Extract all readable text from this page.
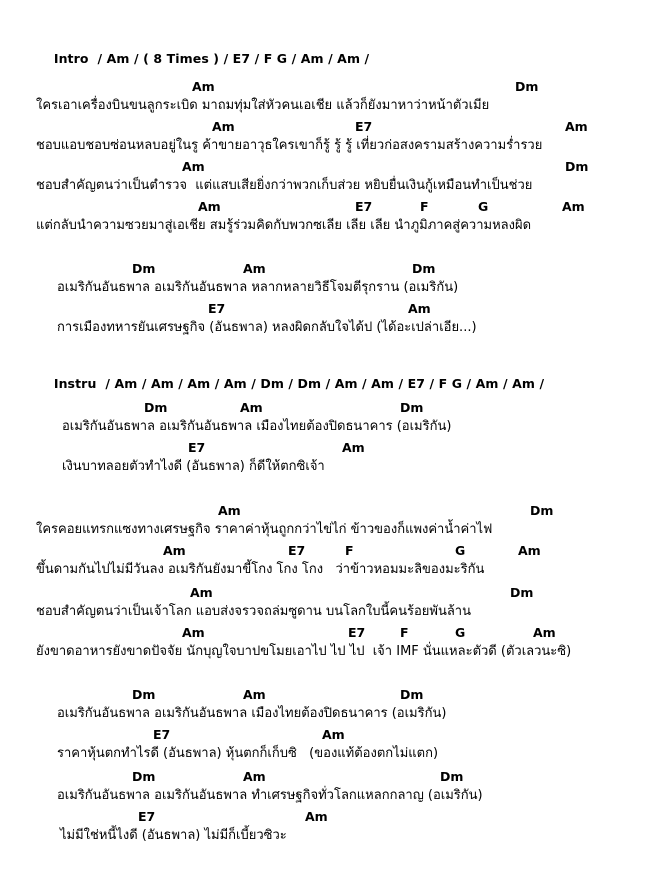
Intro / Am / ( 8 Times ) / E7 / F G / Am / Am /

Instru / Am / Am / Am / Am / Dm / Dm / Am / Am / E7 / F G / Am / Am /

Am	Dm
ใครเอาเครื่องบินขนลูกระเบิด มาถมทุ่มใส่หัวคนเอเชีย แล้วก็ยังมาหาว่าหน้าตัวเมีย
Am	E7	Am
ชอบแอบชอบซ่อนหลบอยู่ในรู ค้าขายอาวุธใครเขาก็รู้ รู้ รู้ เที่ยวก่อสงครามสร้างความร่ำรวย
Am	Dm
ชอบสำคัญตนว่าเป็นตำรวจ  แต่แสบเสียยิ่งกว่าพวกเก็บส่วย หยิบยื่นเงินกู้เหมือนทำเป็นช่วย
Am	E7	F	G	Am
แต่กลับนำความซวยมาสู่เอเชีย สมรู้ร่วมคิดกับพวกซเลีย เลีย เลีย นำภูมิภาคสู่ความหลงผิด
Dm	Am	Dm
อเมริกันอันธพาล อเมริกันอันธพาล หลากหลายวิธีโจมตีรุกราน (อเมริกัน)
E7	Am
การเมืองทหารยันเศรษฐกิจ (อันธพาล) หลงผิดกลับใจได้ป (ได้อะเปล่าเอีย...)
Dm	Am	Dm
อเมริกันอันธพาล อเมริกันอันธพาล เมืองไทยต้องปิดธนาคาร (อเมริกัน)
E7	Am
เงินบาทลอยตัวทำไงดี (อันธพาล) ก็ดีให้ตกซิเจ้า
Am	Dm
ใครคอยแทรกแซงทางเศรษฐกิจ ราคาค่าหุ้นถูกกว่าไข่ไก่ ข้าวของก็แพงค่าน้ำค่าไฟ
Am	E7	F	G	Am
ขึ้นดามกันไปไม่มีวันลง อเมริกันยังมาขี้โกง โกง โกง   ว่าข้าวหอมมะลิของมะริกัน
Am	Dm
ชอบสำคัญตนว่าเป็นเจ้าโลก แอบส่งจรวจถล่มซูดาน บนโลกใบนี้คนร้อยพันล้าน
Am	E7	F	G	Am
ยังขาดอาหารยังขาดปัจจัย นักบุญใจบาปขโมยเอาไป ไป ไป  เจ้า IMF นั่นแหละตัวดี (ตัวเลวนะซิ)
Dm	Am	Dm
อเมริกันอันธพาล อเมริกันอันธพาล เมืองไทยต้องปิดธนาคาร (อเมริกัน)
E7	Am
ราคาหุ้นตกทำไรดี (อันธพาล) หุ้นตกก็เก็บซิ   (ของแท้ต้องตกไม่แตก)
Dm	Am	Dm
อเมริกันอันธพาล อเมริกันอันธพาล ทำเศรษฐกิจทั่วโลกแหลกกลาญ (อเมริกัน)
E7	Am
ไม่มีใช่หนี้ไงดี (อันธพาล) ไม่มีก็เบี้ยวซิวะ
